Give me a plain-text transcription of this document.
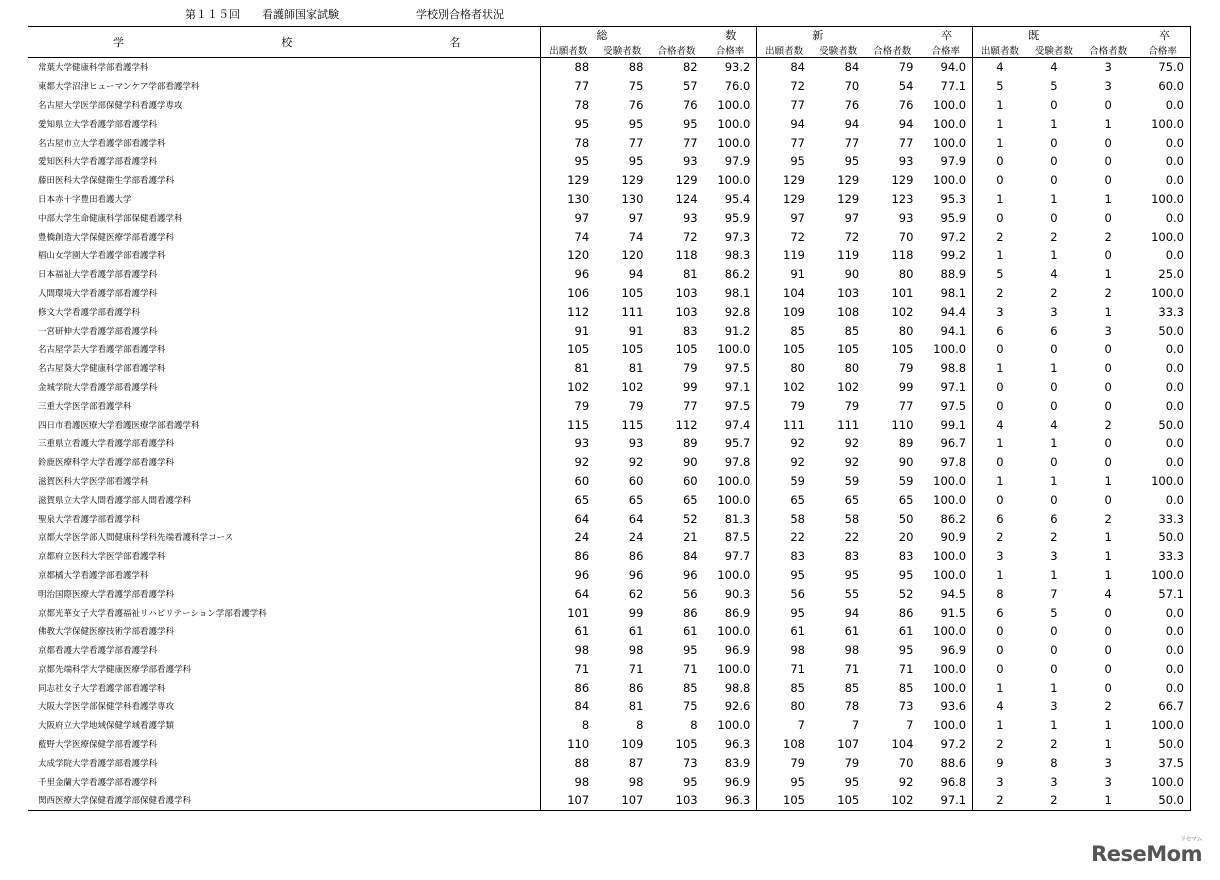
第１１５回　　 看護師国家試験　　　　　　　	学校別合格者状況
学 校 名	総 数				新 卒				既 卒			

	出願者数	受験者数	合格者数	合格率	出願者数	受験者数	合格者数	合格率	出願者数	受験者数	合格者数	合格率
常葉大学健康科学部看護学科	88	88	82	93.2	84	84	79	94.0	4	4	3	75.0
東都大学沼津ヒューマンケア学部看護学科	77	75	57	76.0	72	70	54	77.1	5	5	3	60.0
名古屋大学医学部保健学科看護学専攻	78	76	76	100.0	77	76	76	100.0	1	0	0	0.0
愛知県立大学看護学部看護学科	95	95	95	100.0	94	94	94	100.0	1	1	1	100.0
名古屋市立大学看護学部看護学科	78	77	77	100.0	77	77	77	100.0	1	0	0	0.0
愛知医科大学看護学部看護学科	95	95	93	97.9	95	95	93	97.9	0	0	0	0.0
藤田医科大学保健衛生学部看護学科	129	129	129	100.0	129	129	129	100.0	0	0	0	0.0
日本赤十字豊田看護大学	130	130	124	95.4	129	129	123	95.3	1	1	1	100.0
中部大学生命健康科学部保健看護学科	97	97	93	95.9	97	97	93	95.9	0	0	0	0.0
豊橋創造大学保健医療学部看護学科	74	74	72	97.3	72	72	70	97.2	2	2	2	100.0
椙山女学園大学看護学部看護学科	120	120	118	98.3	119	119	118	99.2	1	1	0	0.0
日本福祉大学看護学部看護学科	96	94	81	86.2	91	90	80	88.9	5	4	1	25.0
人間環境大学看護学部看護学科	106	105	103	98.1	104	103	101	98.1	2	2	2	100.0
修文大学看護学部看護学科	112	111	103	92.8	109	108	102	94.4	3	3	1	33.3
一宮研伸大学看護学部看護学科	91	91	83	91.2	85	85	80	94.1	6	6	3	50.0
名古屋学芸大学看護学部看護学科	105	105	105	100.0	105	105	105	100.0	0	0	0	0.0
名古屋葵大学健康科学部看護学科	81	81	79	97.5	80	80	79	98.8	1	1	0	0.0
金城学院大学看護学部看護学科	102	102	99	97.1	102	102	99	97.1	0	0	0	0.0
三重大学医学部看護学科	79	79	77	97.5	79	79	77	97.5	0	0	0	0.0
四日市看護医療大学看護医療学部看護学科	115	115	112	97.4	111	111	110	99.1	4	4	2	50.0
三重県立看護大学看護学部看護学科	93	93	89	95.7	92	92	89	96.7	1	1	0	0.0
鈴鹿医療科学大学看護学部看護学科	92	92	90	97.8	92	92	90	97.8	0	0	0	0.0
滋賀医科大学医学部看護学科	60	60	60	100.0	59	59	59	100.0	1	1	1	100.0
滋賀県立大学人間看護学部人間看護学科	65	65	65	100.0	65	65	65	100.0	0	0	0	0.0
聖泉大学看護学部看護学科	64	64	52	81.3	58	58	50	86.2	6	6	2	33.3
京都大学医学部人間健康科学科先端看護科学コース	24	24	21	87.5	22	22	20	90.9	2	2	1	50.0
京都府立医科大学医学部看護学科	86	86	84	97.7	83	83	83	100.0	3	3	1	33.3
京都橘大学看護学部看護学科	96	96	96	100.0	95	95	95	100.0	1	1	1	100.0
明治国際医療大学看護学部看護学科	64	62	56	90.3	56	55	52	94.5	8	7	4	57.1
京都光華女子大学看護福祉リハビリテーション学部看護学科	101	99	86	86.9	95	94	86	91.5	6	5	0	0.0
佛教大学保健医療技術学部看護学科	61	61	61	100.0	61	61	61	100.0	0	0	0	0.0
京都看護大学看護学部看護学科	98	98	95	96.9	98	98	95	96.9	0	0	0	0.0
京都先端科学大学健康医療学部看護学科	71	71	71	100.0	71	71	71	100.0	0	0	0	0.0
同志社女子大学看護学部看護学科	86	86	85	98.8	85	85	85	100.0	1	1	0	0.0
大阪大学医学部保健学科看護学専攻	84	81	75	92.6	80	78	73	93.6	4	3	2	66.7
大阪府立大学地域保健学域看護学類	8	8	8	100.0	7	7	7	100.0	1	1	1	100.0
藍野大学医療保健学部看護学科	110	109	105	96.3	108	107	104	97.2	2	2	1	50.0
太成学院大学看護学部看護学科	88	87	73	83.9	79	79	70	88.6	9	8	3	37.5
千里金蘭大学看護学部看護学科	98	98	95	96.9	95	95	92	96.8	3	3	3	100.0
関西医療大学保健看護学部保健看護学科	107	107	103	96.3	105	105	102	97.1	2	2	1	50.0
リセマム
ReseMom
